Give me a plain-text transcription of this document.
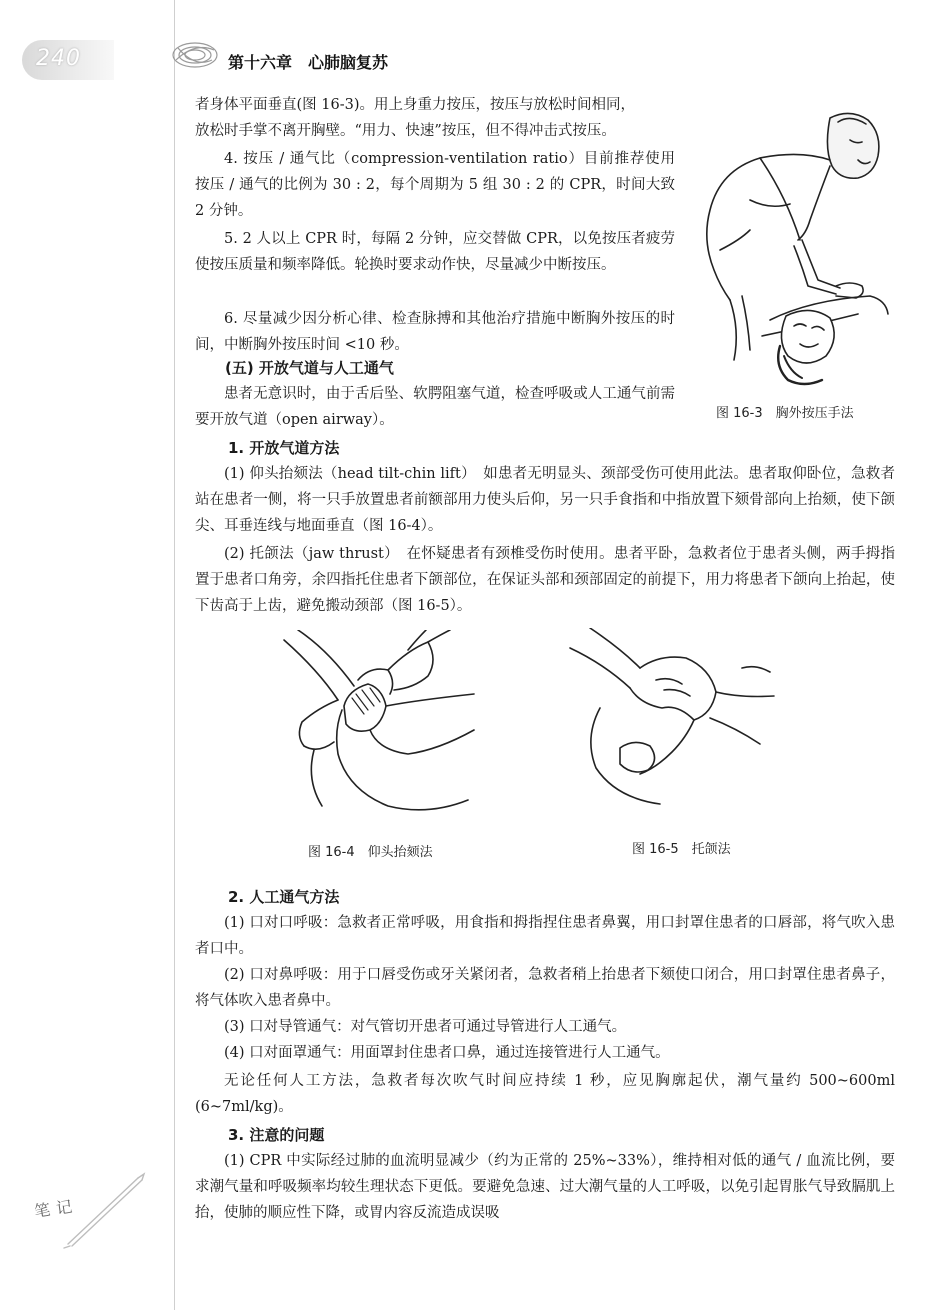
240	第十六章　心肺脑复苏
者身体平面垂直(图 16-3)。用上身重力按压，按压与放松时间相同，
放松时手掌不离开胸壁。“用力、快速”按压，但不得冲击式按压。
4. 按压 / 通气比（compression-ventilation ratio）目前推荐使用按压 / 通气的比例为 30 : 2，每个周期为 5 组 30 : 2 的 CPR，时间大致 2 分钟。
5. 2 人以上 CPR 时，每隔 2 分钟，应交替做 CPR，以免按压者疲劳使按压质量和频率降低。轮换时要求动作快，尽量减少中断按压。
6. 尽量减少因分析心律、检查脉搏和其他治疗措施中断胸外按压的时间，中断胸外按压时间 <10 秒。
(五) 开放气道与人工通气
患者无意识时，由于舌后坠、软腭阻塞气道，检查呼吸或人工通气前需要开放气道（open airway）。	图 16-3　胸外按压手法
1. 开放气道方法
(1) 仰头抬颏法（head tilt-chin lift）　如患者无明显头、颈部受伤可使用此法。患者取仰卧位，急救者站在患者一侧，将一只手放置患者前额部用力使头后仰，另一只手食指和中指放置下颏骨部向上抬颏，使下颌尖、耳垂连线与地面垂直（图 16-4）。
(2) 托颌法（jaw thrust）　在怀疑患者有颈椎受伤时使用。患者平卧，急救者位于患者头侧，两手拇指置于患者口角旁，余四指托住患者下颌部位，在保证头部和颈部固定的前提下，用力将患者下颌向上抬起，使下齿高于上齿，避免搬动颈部（图 16-5）。
图 16-4　仰头抬颏法	图 16-5　托颌法
2. 人工通气方法
(1) 口对口呼吸：急救者正常呼吸，用食指和拇指捏住患者鼻翼，用口封罩住患者的口唇部，将气吹入患者口中。
(2) 口对鼻呼吸：用于口唇受伤或牙关紧闭者，急救者稍上抬患者下颏使口闭合，用口封罩住患者鼻子，将气体吹入患者鼻中。
(3) 口对导管通气：对气管切开患者可通过导管进行人工通气。
(4) 口对面罩通气：用面罩封住患者口鼻，通过连接管进行人工通气。
无论任何人工方法，急救者每次吹气时间应持续 1 秒，应见胸廓起伏，潮气量约 500~600ml (6~7ml/kg)。
3. 注意的问题
(1) CPR 中实际经过肺的血流明显减少（约为正常的 25%~33%），维持相对低的通气 / 血流比例，要求潮气量和呼吸频率均较生理状态下更低。要避免急速、过大潮气量的人工呼吸，以免引起胃胀气导致膈肌上抬，使肺的顺应性下降，或胃内容反流造成误吸
笔记
